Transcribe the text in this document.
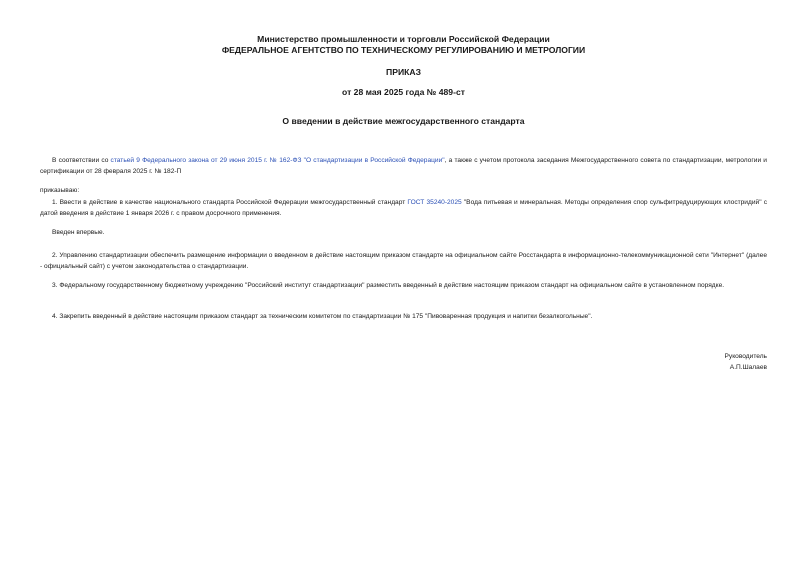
Министерство промышленности и торговли Российской Федерации
ФЕДЕРАЛЬНОЕ АГЕНТСТВО ПО ТЕХНИЧЕСКОМУ РЕГУЛИРОВАНИЮ И МЕТРОЛОГИИ
ПРИКАЗ
от 28 мая 2025 года № 489-ст
О введении в действие межгосударственного стандарта
В соответствии со статьей 9 Федерального закона от 29 июня 2015 г. № 162-ФЗ "О стандартизации в Российской Федерации", а также с учетом протокола заседания Межгосударственного совета по стандартизации, метрологии и сертификации от 28 февраля 2025 г. № 182-П
приказываю:
1. Ввести в действие в качестве национального стандарта Российской Федерации межгосударственный стандарт ГОСТ 35240-2025 "Вода питьевая и минеральная. Методы определения спор сульфитредуцирующих клостридий" с датой введения в действие 1 января 2026 г. с правом досрочного применения.
Введен впервые.
2. Управлению стандартизации обеспечить размещение информации о введенном в действие настоящим приказом стандарте на официальном сайте Росстандарта в информационно-телекоммуникационной сети "Интернет" (далее - официальный сайт) с учетом законодательства о стандартизации.
3. Федеральному государственному бюджетному учреждению "Российский институт стандартизации" разместить введенный в действие настоящим приказом стандарт на официальном сайте в установленном порядке.
4. Закрепить введенный в действие настоящим приказом стандарт за техническим комитетом по стандартизации № 175 "Пивоваренная продукция и напитки безалкогольные".
Руководитель
А.П.Шалаев
